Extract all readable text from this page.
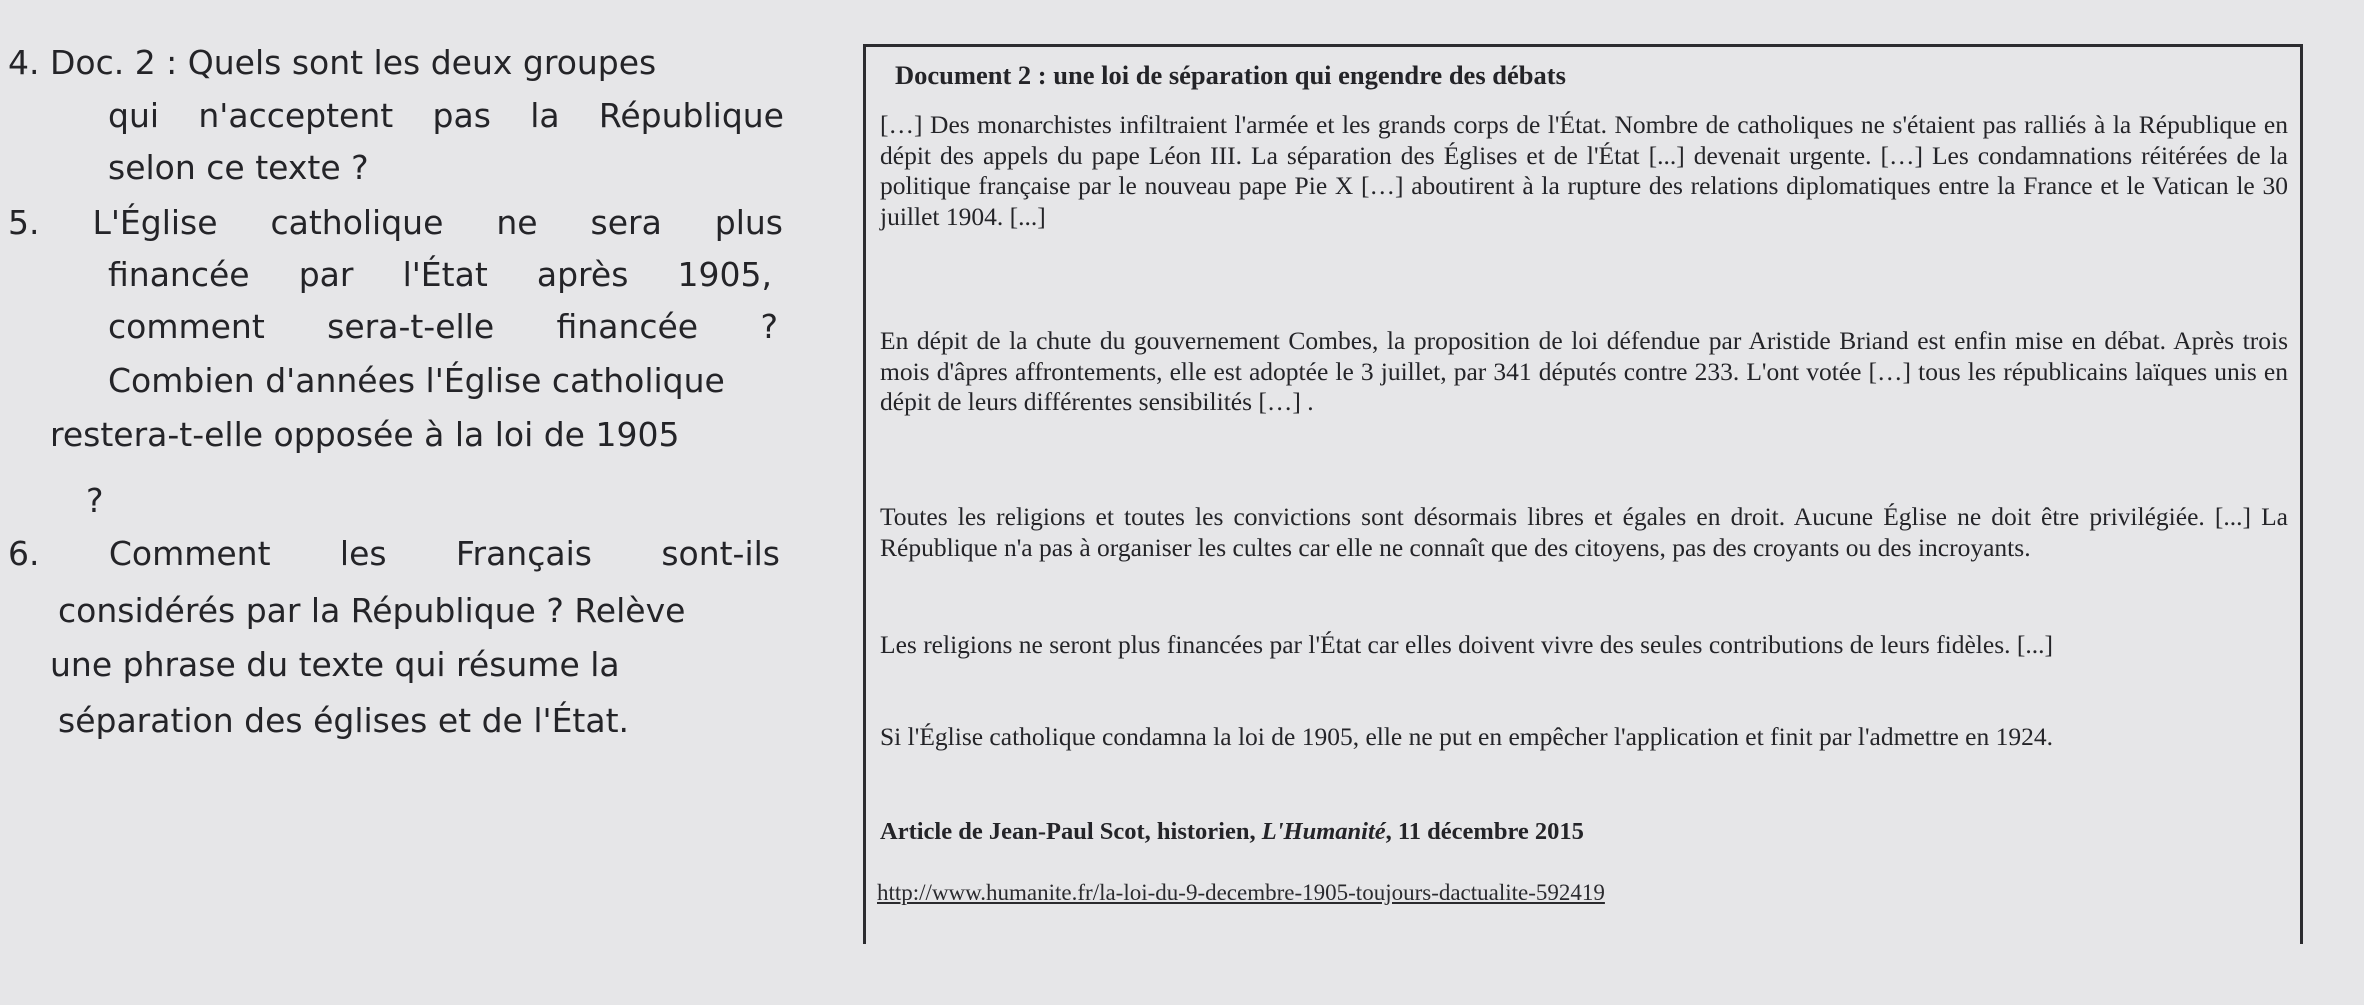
4. Doc. 2 : Quels sont les deux groupes
qui n'acceptent pas la République
selon ce texte ?
5. L'Église catholique ne sera plus
financée par l'État après 1905,
comment sera-t-elle financée ?
Combien d'années l'Église catholique
restera-t-elle opposée à la loi de 1905
?
6. Comment les Français sont-ils
considérés par la République ? Relève
une phrase du texte qui résume la
séparation des églises et de l'État.
Document 2 : une loi de séparation qui engendre des débats
[…] Des monarchistes infiltraient l'armée et les grands corps de l'État. Nombre de catholiques ne s'étaient pas ralliés à la République en dépit des appels du pape Léon III. La séparation des Églises et de l'État [...] devenait urgente. […] Les condamnations réitérées de la politique française par le nouveau pape Pie X […] aboutirent à la rupture des relations diplomatiques entre la France et le Vatican le 30 juillet 1904. [...]
En dépit de la chute du gouvernement Combes, la proposition de loi défendue par Aristide Briand est enfin mise en débat. Après trois mois d'âpres affrontements, elle est adoptée le 3 juillet, par 341 députés contre 233. L'ont votée […] tous les républicains laïques unis en dépit de leurs différentes sensibilités […] .
Toutes les religions et toutes les convictions sont désormais libres et égales en droit. Aucune Église ne doit être privilégiée. [...] La République n'a pas à organiser les cultes car elle ne connaît que des citoyens, pas des croyants ou des incroyants.
Les religions ne seront plus financées par l'État car elles doivent vivre des seules contributions de leurs fidèles. [...]
Si l'Église catholique condamna la loi de 1905, elle ne put en empêcher l'application et finit par l'admettre en 1924.
Article de Jean-Paul Scot, historien, L'Humanité, 11 décembre 2015
http://www.humanite.fr/la-loi-du-9-decembre-1905-toujours-dactualite-592419
